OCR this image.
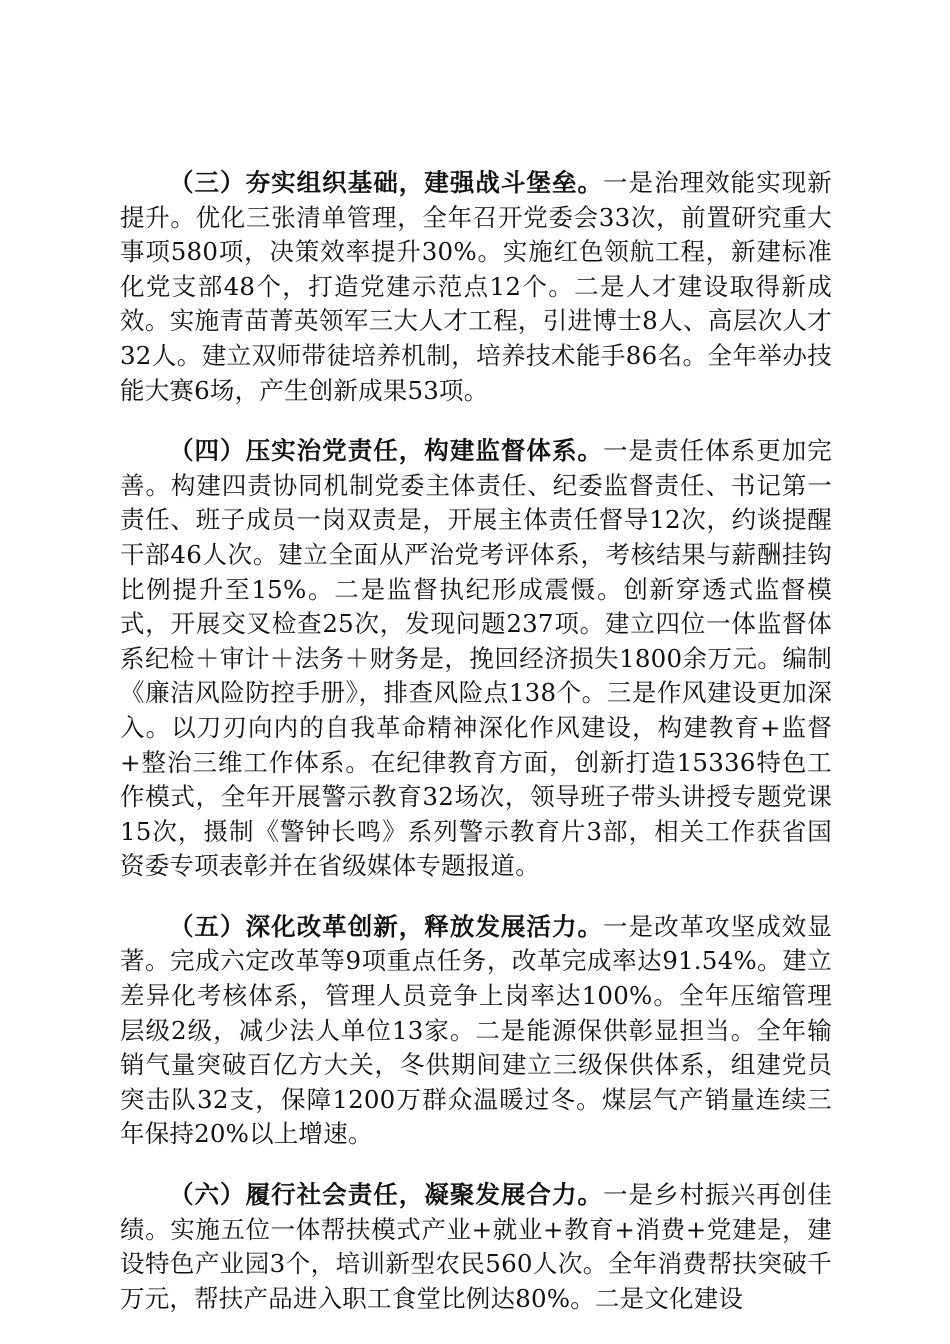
（三）夯实组织基础，建强战斗堡垒。一是治理效能实现新提升。优化三张清单管理，全年召开党委会33次，前置研究重大事项580项，决策效率提升30%。实施红色领航工程，新建标准化党支部48个，打造党建示范点12个。二是人才建设取得新成效。实施青苗菁英领军三大人才工程，引进博士8人、高层次人才32人。建立双师带徒培养机制，培养技术能手86名。全年举办技能大赛6场，产生创新成果53项。

（四）压实治党责任，构建监督体系。一是责任体系更加完善。构建四责协同机制党委主体责任、纪委监督责任、书记第一责任、班子成员一岗双责是，开展主体责任督导12次，约谈提醒干部46人次。建立全面从严治党考评体系，考核结果与薪酬挂钩比例提升至15%。二是监督执纪形成震慑。创新穿透式监督模式，开展交叉检查25次，发现问题237项。建立四位一体监督体系纪检＋审计＋法务＋财务是，挽回经济损失1800余万元。编制《廉洁风险防控手册》，排查风险点138个。三是作风建设更加深入。以刀刃向内的自我革命精神深化作风建设，构建教育+监督+整治三维工作体系。在纪律教育方面，创新打造15336特色工作模式，全年开展警示教育32场次，领导班子带头讲授专题党课15次，摄制《警钟长鸣》系列警示教育片3部，相关工作获省国资委专项表彰并在省级媒体专题报道。

（五）深化改革创新，释放发展活力。一是改革攻坚成效显著。完成六定改革等9项重点任务，改革完成率达91.54%。建立差异化考核体系，管理人员竞争上岗率达100%。全年压缩管理层级2级，减少法人单位13家。二是能源保供彰显担当。全年输销气量突破百亿方大关，冬供期间建立三级保供体系，组建党员突击队32支，保障1200万群众温暖过冬。煤层气产销量连续三年保持20%以上增速。

（六）履行社会责任，凝聚发展合力。一是乡村振兴再创佳绩。实施五位一体帮扶模式产业+就业+教育+消费+党建是，建设特色产业园3个，培训新型农民560人次。全年消费帮扶突破千万元，帮扶产品进入职工食堂比例达80%。二是文化建设
